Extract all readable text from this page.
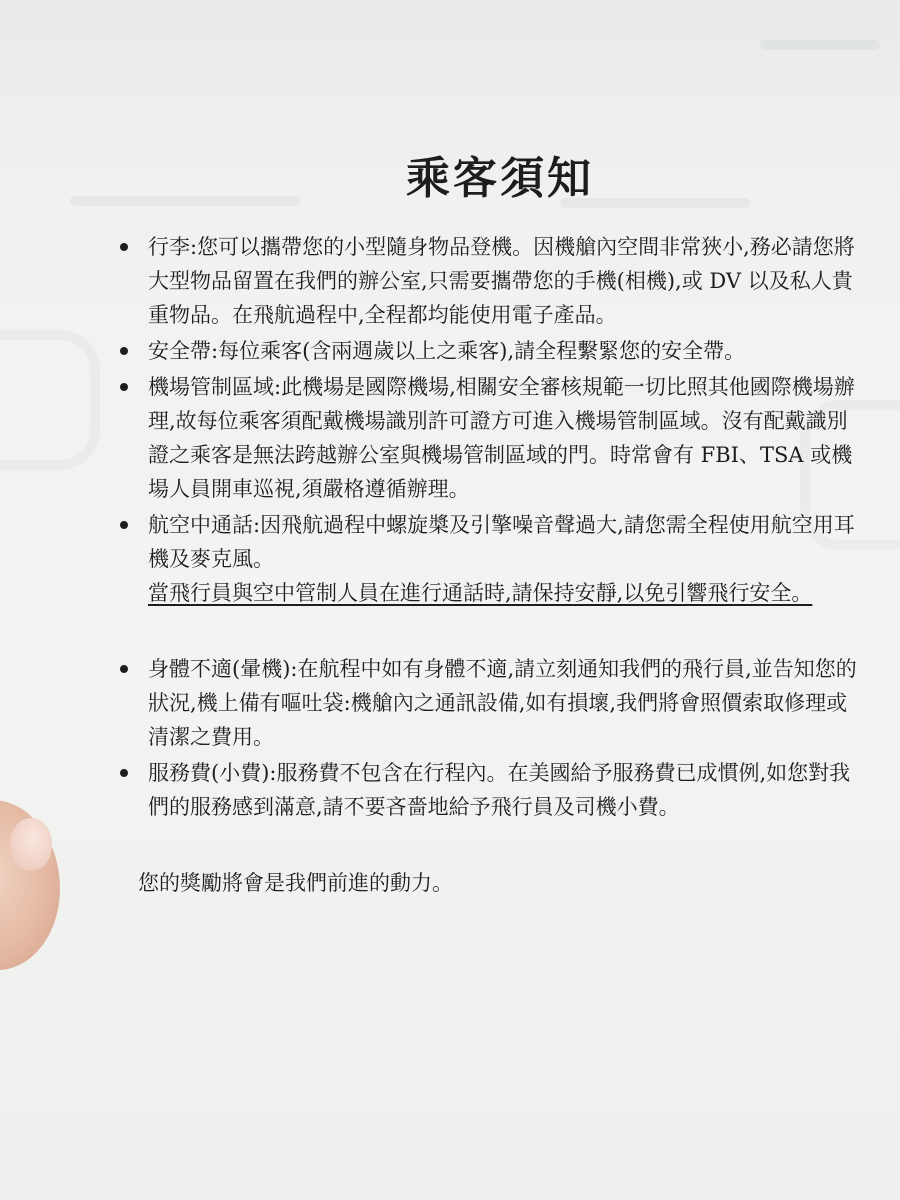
乘客須知
行李:您可以攜帶您的小型隨身物品登機。因機艙內空間非常狹小,務必請您將大型物品留置在我們的辦公室,只需要攜帶您的手機(相機),或 DV 以及私人貴重物品。在飛航過程中,全程都均能使用電子產品。
安全帶:每位乘客(含兩週歲以上之乘客),請全程繫緊您的安全帶。
機場管制區域:此機場是國際機場,相關安全審核規範一切比照其他國際機場辦理,故每位乘客須配戴機場識別許可證方可進入機場管制區域。沒有配戴識別證之乘客是無法跨越辦公室與機場管制區域的門。時常會有 FBI、TSA 或機場人員開車巡視,須嚴格遵循辦理。
航空中通話:因飛航過程中螺旋槳及引擎噪音聲過大,請您需全程使用航空用耳機及麥克風。
當飛行員與空中管制人員在進行通話時,請保持安靜,以免引響飛行安全。
身體不適(暈機):在航程中如有身體不適,請立刻通知我們的飛行員,並告知您的狀況,機上備有嘔吐袋:機艙內之通訊設備,如有損壞,我們將會照價索取修理或清潔之費用。
服務費(小費):服務費不包含在行程內。在美國給予服務費已成慣例,如您對我們的服務感到滿意,請不要吝嗇地給予飛行員及司機小費。

您的獎勵將會是我們前進的動力。
